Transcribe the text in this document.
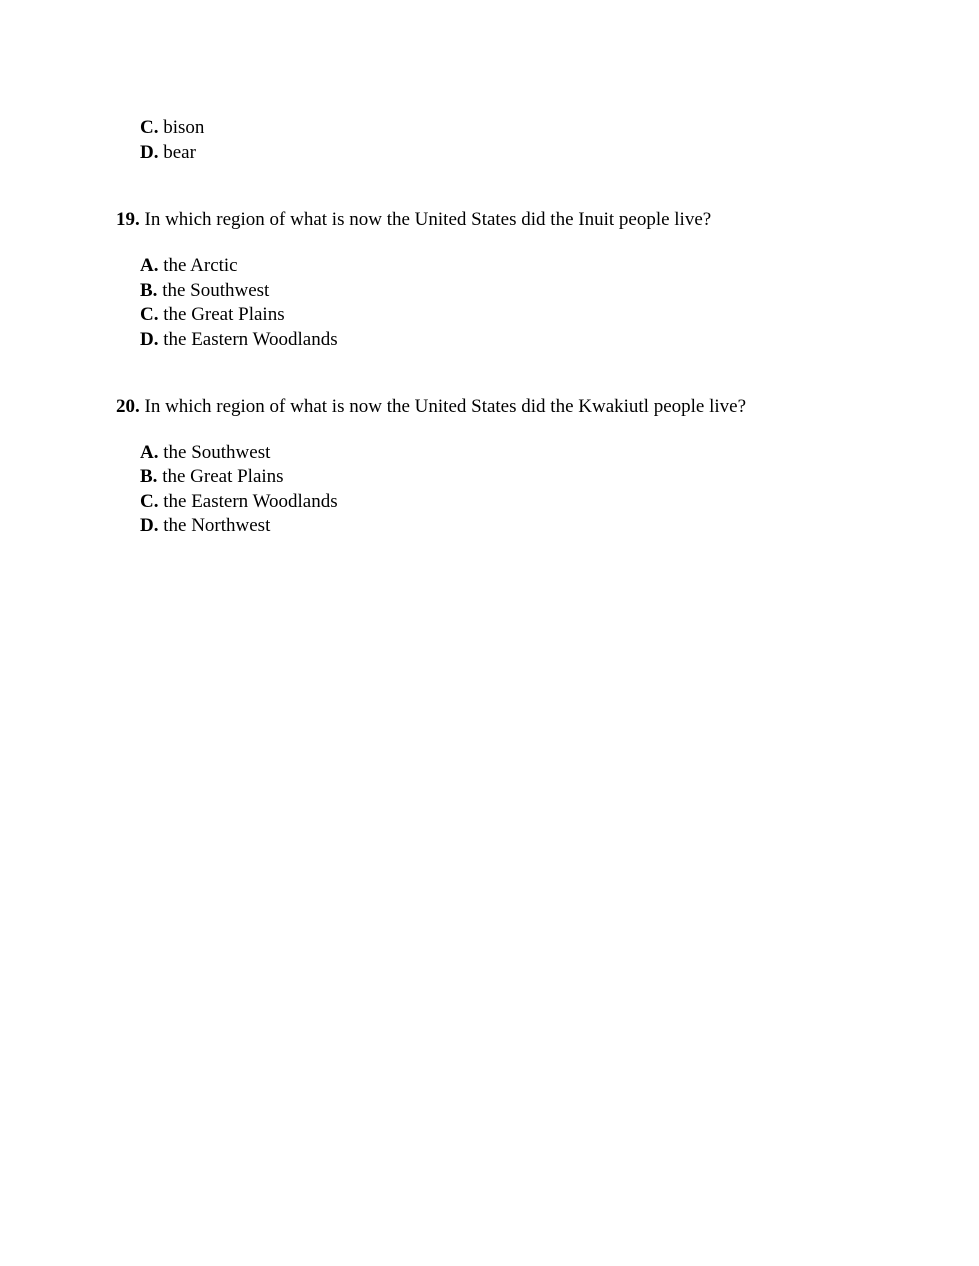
C. bison
D. bear
19. In which region of what is now the United States did the Inuit people live?
A. the Arctic
B. the Southwest
C. the Great Plains
D. the Eastern Woodlands
20. In which region of what is now the United States did the Kwakiutl people live?
A. the Southwest
B. the Great Plains
C. the Eastern Woodlands
D. the Northwest
